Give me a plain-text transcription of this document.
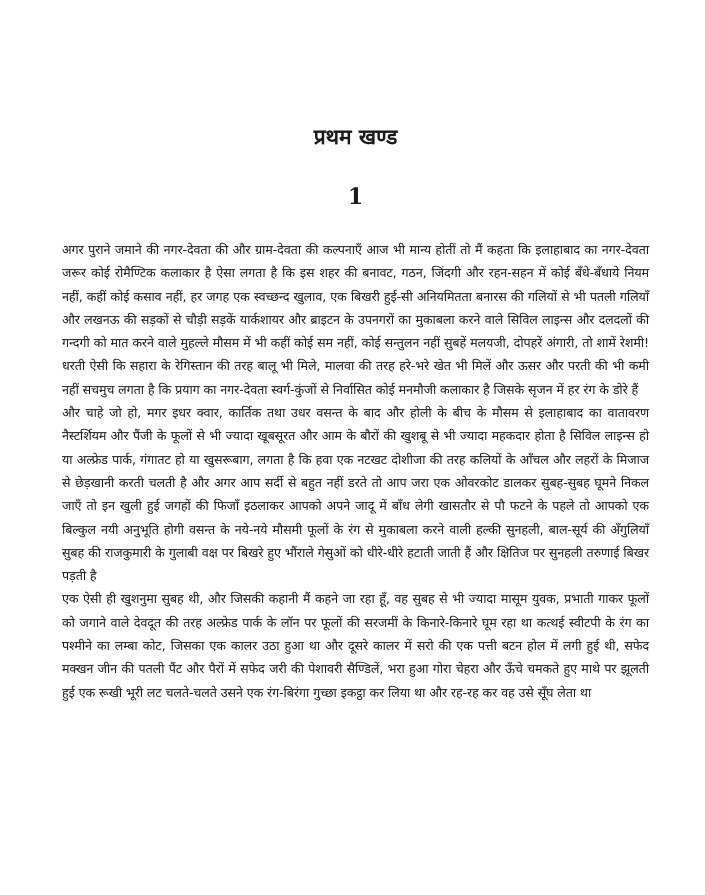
प्रथम खण्ड
1

अगर पुराने जमाने की नगर-देवता की और ग्राम-देवता की कल्पनाएँ आज भी मान्य होतीं तो मैं कहता कि इलाहाबाद का नगर-देवता जरूर कोई रोमैण्टिक कलाकार है ऐसा लगता है कि इस शहर की बनावट, गठन, जिंदगी और रहन-सहन में कोई बँधे-बँधाये नियम नहीं, कहीं कोई कसाव नहीं, हर जगह एक स्वच्छन्द खुलाव, एक बिखरी हुई-सी अनियमितता बनारस की गलियों से भी पतली गलियाँ और लखनऊ की सड़कों से चौड़ी सड़कें यार्कशायर और ब्राइटन के उपनगरों का मुकाबला करने वाले सिविल लाइन्स और दलदलों की गन्दगी को मात करने वाले मुहल्ले मौसम में भी कहीं कोई सम नहीं, कोई सन्तुलन नहीं सुबहें मलयजी, दोपहरें अंगारी, तो शामें रेशमी! धरती ऐसी कि सहारा के रेगिस्तान की तरह बालू भी मिले, मालवा की तरह हरे-भरे खेत भी मिलें और ऊसर और परती की भी कमी नहीं सचमुच लगता है कि प्रयाग का नगर-देवता स्वर्ग-कुंजों से निर्वासित कोई मनमौजी कलाकार है जिसके सृजन में हर रंग के डोरे हैं

और चाहे जो हो, मगर इधर क्वार, कार्तिक तथा उधर वसन्त के बाद और होली के बीच के मौसम से इलाहाबाद का वातावरण नैस्टर्शियम और पैंजी के फूलों से भी ज्यादा खूबसूरत और आम के बौरों की खुशबू से भी ज्यादा महकदार होता है सिविल लाइन्स हो या अल्फ्रेड पार्क, गंगातट हो या खुसरूबाग, लगता है कि हवा एक नटखट दोशीजा की तरह कलियों के आँचल और लहरों के मिजाज से छेड़खानी करती चलती है और अगर आप सर्दी से बहुत नहीं डरते तो आप जरा एक ओवरकोट डालकर सुबह-सुबह घूमने निकल जाएँ तो इन खुली हुई जगहों की फिजाँ इठलाकर आपको अपने जादू में बाँध लेगी खासतौर से पौ फटने के पहले तो आपको एक बिल्कुल नयी अनुभूति होगी वसन्त के नये-नये मौसमी फूलों के रंग से मुकाबला करने वाली हल्की सुनहली, बाल-सूर्य की अँगुलियाँ सुबह की राजकुमारी के गुलाबी वक्ष पर बिखरे हुए भौंराले गेसुओं को धीरे-धीरे हटाती जाती हैं और क्षितिज पर सुनहली तरुणाई बिखर पड़ती है

एक ऐसी ही खुशनुमा सुबह थी, और जिसकी कहानी मैं कहने जा रहा हूँ, वह सुबह से भी ज्यादा मासूम युवक, प्रभाती गाकर फूलों को जगाने वाले देवदूत की तरह अल्फ्रेड पार्क के लॉन पर फूलों की सरजमीं के किनारे-किनारे घूम रहा था कत्थई स्वीटपी के रंग का पश्मीने का लम्बा कोट, जिसका एक कालर उठा हुआ था और दूसरे कालर में सरो की एक पत्ती बटन होल में लगी हुई थी, सफेद मक्खन जीन की पतली पैंट और पैरों में सफेद जरी की पेशावरी सैण्डिलें, भरा हुआ गोरा चेहरा और ऊँचे चमकते हुए माथे पर झूलती हुई एक रूखी भूरी लट चलते-चलते उसने एक रंग-बिरंगा गुच्छा इकट्ठा कर लिया था और रह-रह कर वह उसे सूँघ लेता था
